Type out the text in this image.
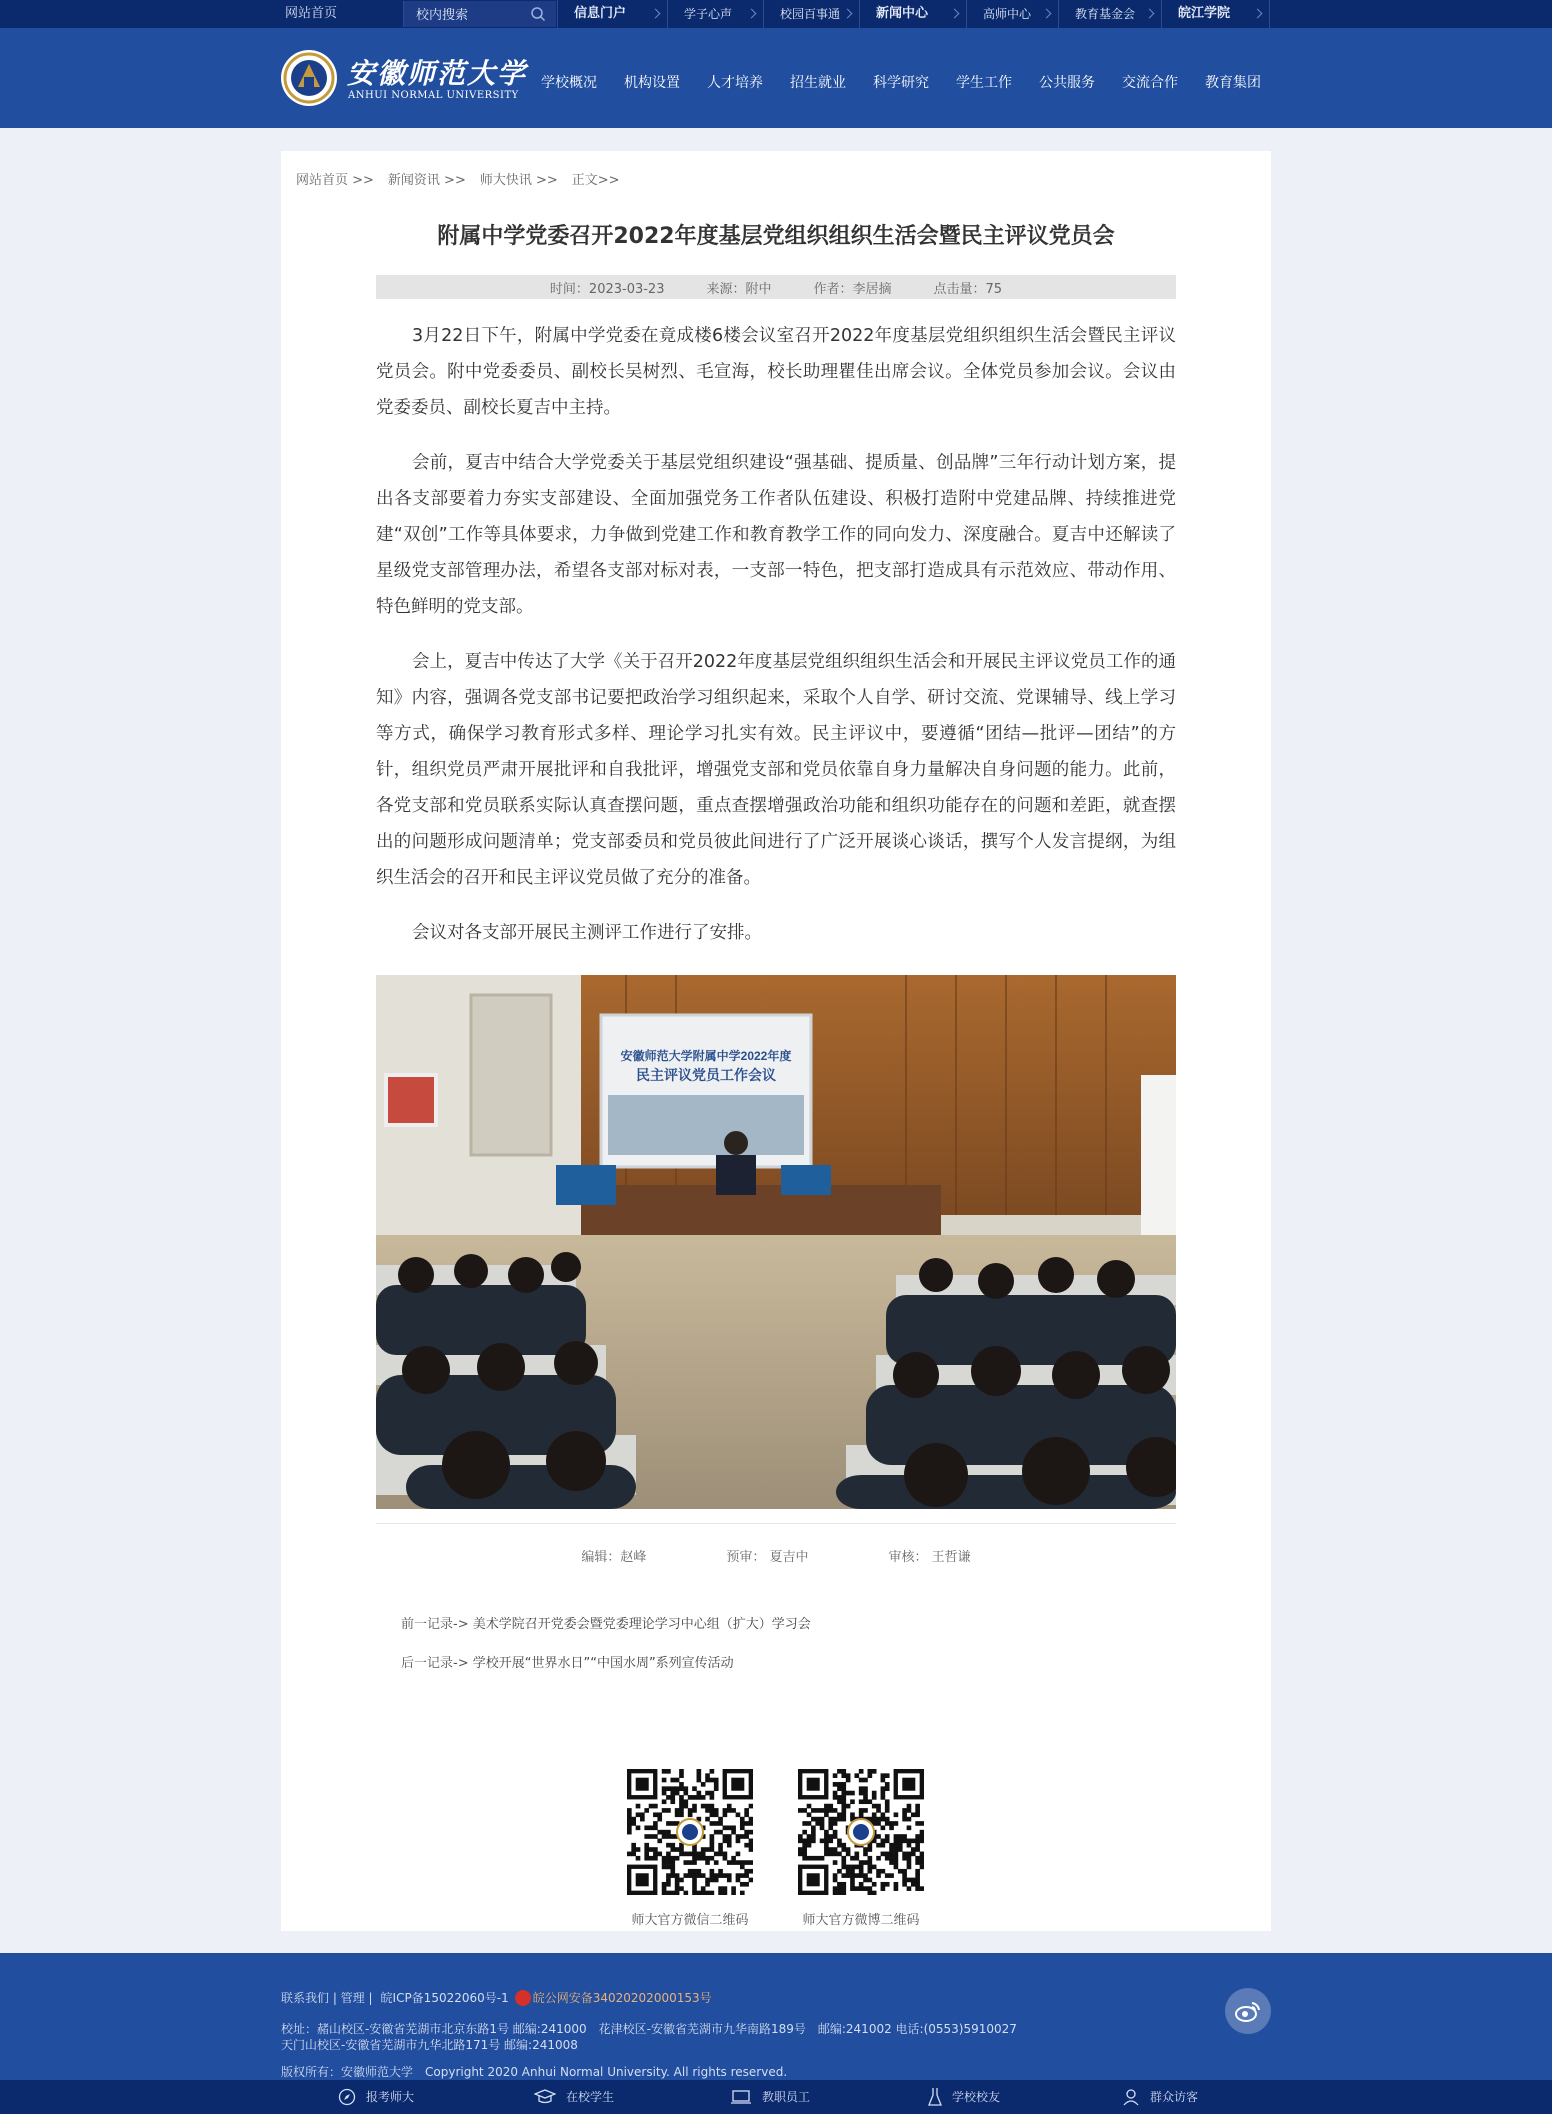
网站首页
校内搜索	信息门户	学子心声	校园百事通	新闻中心	高师中心	教育基金会	皖江学院
安徽师范大学
ANHUI NORMAL UNIVERSITY
学校概况 机构设置 人才培养 招生就业 科学研究 学生工作 公共服务 交流合作 教育集团
网站首页 >> 新闻资讯 >> 师大快讯 >> 正文>>
附属中学党委召开2022年度基层党组织组织生活会暨民主评议党员会
时间：2023-03-23	来源：附中	作者：李居摘	点击量：75

3月22日下午，附属中学党委在竟成楼6楼会议室召开2022年度基层党组织组织生活会暨民主评议党员会。附中党委委员、副校长吴树烈、毛宣海，校长助理瞿佳出席会议。全体党员参加会议。会议由党委委员、副校长夏吉中主持。

会前，夏吉中结合大学党委关于基层党组织建设“强基础、提质量、创品牌”三年行动计划方案，提出各支部要着力夯实支部建设、全面加强党务工作者队伍建设、积极打造附中党建品牌、持续推进党建“双创”工作等具体要求，力争做到党建工作和教育教学工作的同向发力、深度融合。夏吉中还解读了星级党支部管理办法，希望各支部对标对表，一支部一特色，把支部打造成具有示范效应、带动作用、特色鲜明的党支部。

会上，夏吉中传达了大学《关于召开2022年度基层党组织组织生活会和开展民主评议党员工作的通知》内容，强调各党支部书记要把政治学习组织起来，采取个人自学、研讨交流、党课辅导、线上学习等方式，确保学习教育形式多样、理论学习扎实有效。民主评议中，要遵循“团结—批评—团结”的方针，组织党员严肃开展批评和自我批评，增强党支部和党员依靠自身力量解决自身问题的能力。此前，各党支部和党员联系实际认真查摆问题，重点查摆增强政治功能和组织功能存在的问题和差距，就查摆出的问题形成问题清单；党支部委员和党员彼此间进行了广泛开展谈心谈话，撰写个人发言提纲，为组织生活会的召开和民主评议党员做了充分的准备。

会议对各支部开展民主测评工作进行了安排。

安徽师范大学附属中学2022年度
民主评议党员工作会议
编辑：赵峰	预审： 夏吉中	审核： 王哲谦
前一记录-> 美术学院召开党委会暨党委理论学习中心组（扩大）学习会
后一记录-> 学校开展“世界水日”“中国水周”系列宣传活动
师大官方微信二维码	师大官方微博二维码
联系我们 | 管理 | 皖ICP备15022060号-1 皖公网安备34020202000153号
校址：赭山校区-安徽省芜湖市北京东路1号 邮编:241000　花津校区-安徽省芜湖市九华南路189号　邮编:241002 电话:(0553)5910027
天门山校区-安徽省芜湖市九华北路171号 邮编:241008
版权所有：安徽师范大学　Copyright 2020 Anhui Normal University. All rights reserved.
报考师大	在校学生	教职员工	学校校友	群众访客
